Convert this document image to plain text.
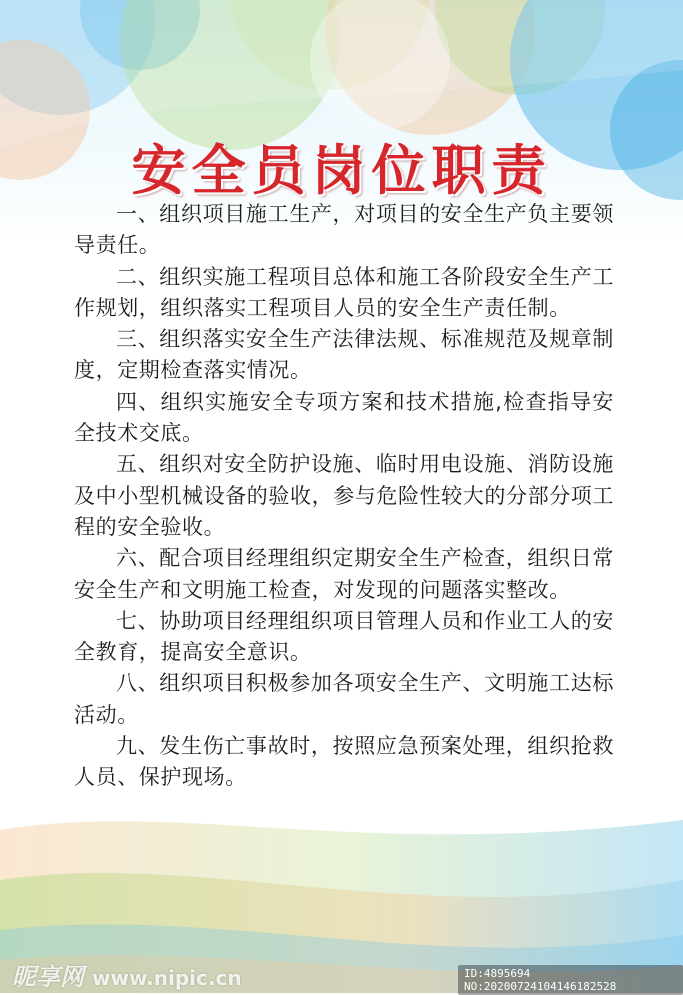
安全员岗位职责
一、组织项目施工生产，对项目的安全生产负主要领导责任。
二、组织实施工程项目总体和施工各阶段安全生产工作规划，组织落实工程项目人员的安全生产责任制。
三、组织落实安全生产法律法规、标准规范及规章制度，定期检查落实情况。
四、组织实施安全专项方案和技术措施,检查指导安全技术交底。
五、组织对安全防护设施、临时用电设施、消防设施及中小型机械设备的验收，参与危险性较大的分部分项工程的安全验收。
六、配合项目经理组织定期安全生产检查，组织日常安全生产和文明施工检查，对发现的问题落实整改。
七、协助项目经理组织项目管理人员和作业工人的安全教育，提高安全意识。
八、组织项目积极参加各项安全生产、文明施工达标活动。
九、发生伤亡事故时，按照应急预案处理，组织抢救人员、保护现场。
昵享网 www.nipic.cn	ID:4895694 NO:20200724104146182528
